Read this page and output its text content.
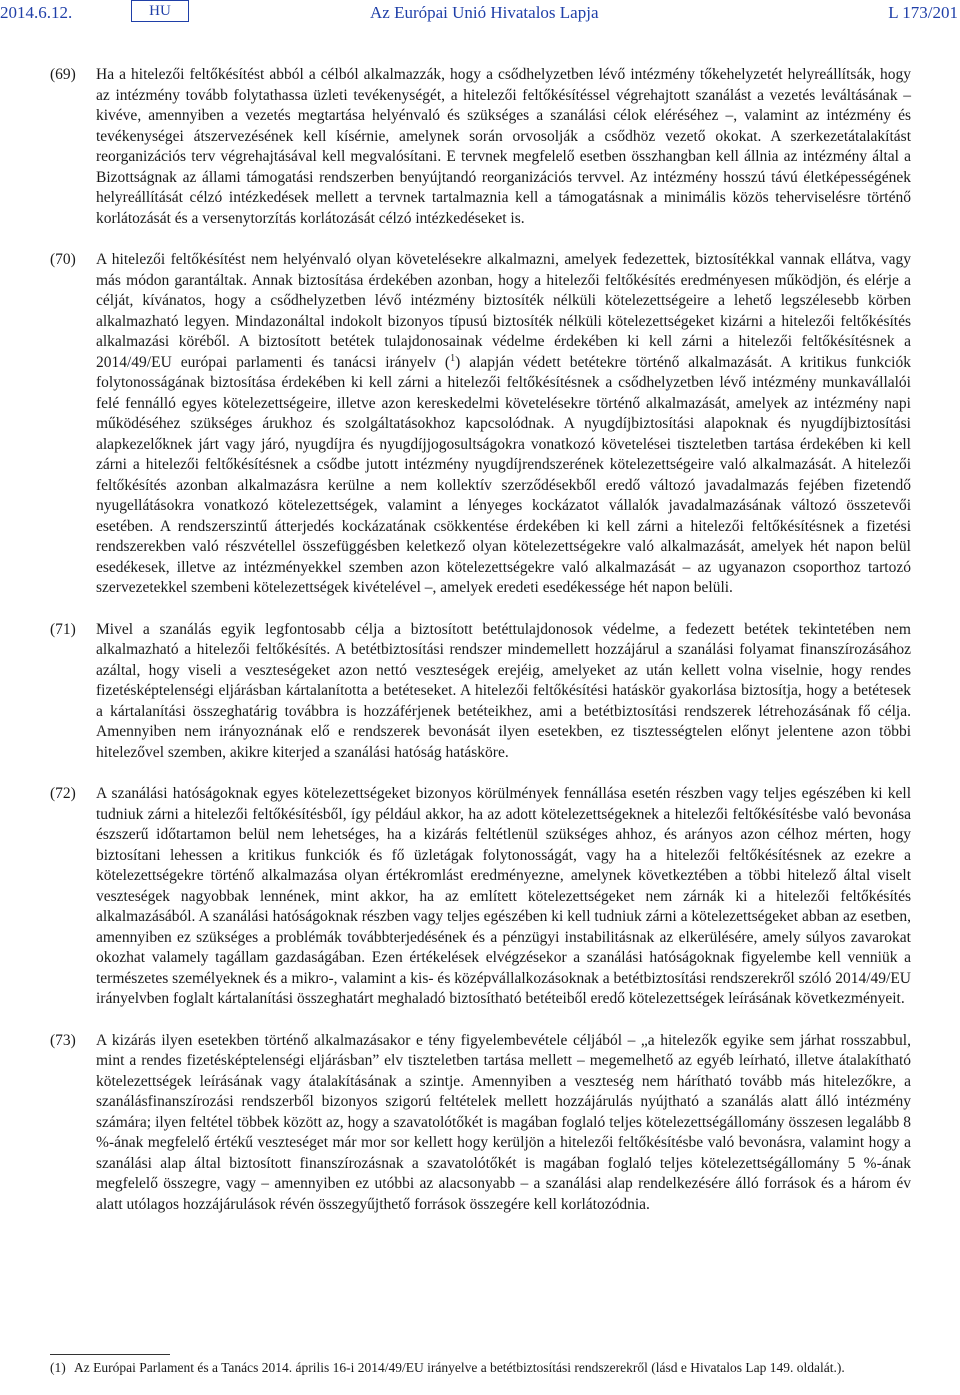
2014.6.12.	HU	Az Európai Unió Hivatalos Lapja	L 173/201
(69) Ha a hitelezői feltőkésítést abból a célból alkalmazzák, hogy a csődhelyzetben lévő intézmény tőkehelyzetét helyreállítsák, hogy az intézmény tovább folytathassa üzleti tevékenységét, a hitelezői feltőkésítéssel végrehajtott szanálást a vezetés leváltásának – kivéve, amennyiben a vezetés megtartása helyénvaló és szükséges a szanálási célok eléréséhez –, valamint az intézmény és tevékenységei átszervezésének kell kísérnie, amelynek során orvosolják a csődhöz vezető okokat. A szerkezetátalakítást reorganizációs terv végrehajtásával kell megvalósítani. E tervnek megfelelő esetben összhangban kell állnia az intézmény által a Bizottságnak az állami támogatási rendszerben benyújtandó reorganizációs tervvel. Az intézmény hosszú távú életképességének helyreállítását célzó intézkedések mellett a tervnek tartalmaznia kell a támogatásnak a minimális közös teherviselésre történő korlátozását és a versenytorzítás korlátozását célzó intézkedéseket is.
(70) A hitelezői feltőkésítést nem helyénvaló olyan követelésekre alkalmazni, amelyek fedezettek, biztosítékkal vannak ellátva, vagy más módon garantáltak. Annak biztosítása érdekében azonban, hogy a hitelezői feltőkésítés eredményesen működjön, és elérje a célját, kívánatos, hogy a csődhelyzetben lévő intézmény biztosíték nélküli kötelezettségeire a lehető legszélesebb körben alkalmazható legyen. Mindazonáltal indokolt bizonyos típusú biztosíték nélküli kötelezettségeket kizárni a hitelezői feltőkésítés alkalmazási köréből. A biztosított betétek tulajdonosainak védelme érdekében ki kell zárni a hitelezői feltőkésítésnek a 2014/49/EU európai parlamenti és tanácsi irányelv ($^1$) alapján védett betétekre történő alkalmazását. A kritikus funkciók folytonosságának biztosítása érdekében ki kell zárni a hitelezői feltőkésítésnek a csődhelyzetben lévő intézmény munkavállalói felé fennálló egyes kötelezettségeire, illetve azon kereskedelmi követelésekre történő alkalmazását, amelyek az intézmény napi működéséhez szükséges árukhoz és szolgáltatásokhoz kapcsolódnak. A nyugdíjbiztosítási alapoknak és nyugdíjbiztosítási alapkezelőknek járt vagy járó, nyugdíjra és nyugdíjjogosultságokra vonatkozó követelései tiszteletben tartása érdekében ki kell zárni a hitelezői feltőkésítésnek a csődbe jutott intézmény nyugdíjrendszerének kötelezettségeire való alkalmazását. A hitelezői feltőkésítés azonban alkalmazásra kerülne a nem kollektív szerződésekből eredő változó javadalmazás fejében fizetendő nyugellátásokra vonatkozó kötelezettségek, valamint a lényeges kockázatot vállalók javadalmazásának változó összetevői esetében. A rendszerszintű átterjedés kockázatának csökkentése érdekében ki kell zárni a hitelezői feltőkésítésnek a fizetési rendszerekben való részvétellel összefüggésben keletkező olyan kötelezettségekre való alkalmazását, amelyek hét napon belül esedékesek, illetve az intézményekkel szemben azon kötelezettségekre való alkalmazását – az ugyanazon csoporthoz tartozó szervezetekkel szembeni kötelezettségek kivételével –, amelyek eredeti esedékessége hét napon belüli.
(71) Mivel a szanálás egyik legfontosabb célja a biztosított betéttulajdonosok védelme, a fedezett betétek tekintetében nem alkalmazható a hitelezői feltőkésítés. A betétbiztosítási rendszer mindemellett hozzájárul a szanálási folyamat finanszírozásához azáltal, hogy viseli a veszteségeket azon nettó veszteségek erejéig, amelyeket az után kellett volna viselnie, hogy rendes fizetésképtelenségi eljárásban kártalanította a betéteseket. A hitelezői feltőkésítési hatáskör gyakorlása biztosítja, hogy a betétesek a kártalanítási összeghatárig továbbra is hozzáférjenek betéteikhez, ami a betétbiztosítási rendszerek létrehozásának fő célja. Amennyiben nem irányoznának elő e rendszerek bevonását ilyen esetekben, ez tisztességtelen előnyt jelentene azon többi hitelezővel szemben, akikre kiterjed a szanálási hatóság hatásköre.
(72) A szanálási hatóságoknak egyes kötelezettségeket bizonyos körülmények fennállása esetén részben vagy teljes egészében ki kell tudniuk zárni a hitelezői feltőkésítésből, így például akkor, ha az adott kötelezettségeknek a hitelezői feltőkésítésbe való bevonása észszerű időtartamon belül nem lehetséges, ha a kizárás feltétlenül szükséges ahhoz, és arányos azon célhoz mérten, hogy biztosítani lehessen a kritikus funkciók és fő üzletágak folytonosságát, vagy ha a hitelezői feltőkésítésnek az ezekre a kötelezettségekre történő alkalmazása olyan értékromlást eredményezne, amelynek következtében a többi hitelező által viselt veszteségek nagyobbak lennének, mint akkor, ha az említett kötelezettségeket nem zárnák ki a hitelezői feltőkésítés alkalmazásából. A szanálási hatóságoknak részben vagy teljes egészében ki kell tudniuk zárni a kötelezettségeket abban az esetben, amennyiben ez szükséges a problémák továbbterjedésének és a pénzügyi instabilitásnak az elkerülésére, amely súlyos zavarokat okozhat valamely tagállam gazdaságában. Ezen értékelések elvégzésekor a szanálási hatóságoknak figyelembe kell venniük a természetes személyeknek és a mikro-, valamint a kis- és középvállalkozásoknak a betétbiztosítási rendszerekről szóló 2014/49/EU irányelvben foglalt kártalanítási összeghatárt meghaladó biztosítható betéteiből eredő kötelezettségek leírásának következményeit.
(73) A kizárás ilyen esetekben történő alkalmazásakor e tény figyelembevétele céljából – „a hitelezők egyike sem járhat rosszabbul, mint a rendes fizetésképtelenségi eljárásban” elv tiszteletben tartása mellett – megemelhető az egyéb leírható, illetve átalakítható kötelezettségek leírásának vagy átalakításának a szintje. Amennyiben a veszteség nem hárítható tovább más hitelezőkre, a szanálásfinanszírozási rendszerből bizonyos szigorú feltételek mellett hozzájárulás nyújtható a szanálás alatt álló intézmény számára; ilyen feltétel többek között az, hogy a szavatolótőkét is magában foglaló teljes kötelezettségállomány összesen legalább 8 %-ának megfelelő értékű veszteséget már mor sor kellett hogy kerüljön a hitelezői feltőkésítésbe való bevonásra, valamint hogy a szanálási alap által biztosított finanszírozásnak a szavatolótőkét is magában foglaló teljes kötelezettségállomány 5 %-ának megfelelő összegre, vagy – amennyiben ez utóbbi az alacsonyabb – a szanálási alap rendelkezésére álló források és a három év alatt utólagos hozzájárulások révén összegyűjthető források összegére kell korlátozódnia.
(1) Az Európai Parlament és a Tanács 2014. április 16-i 2014/49/EU irányelve a betétbiztosítási rendszerekről (lásd e Hivatalos Lap 149. oldalát.).
